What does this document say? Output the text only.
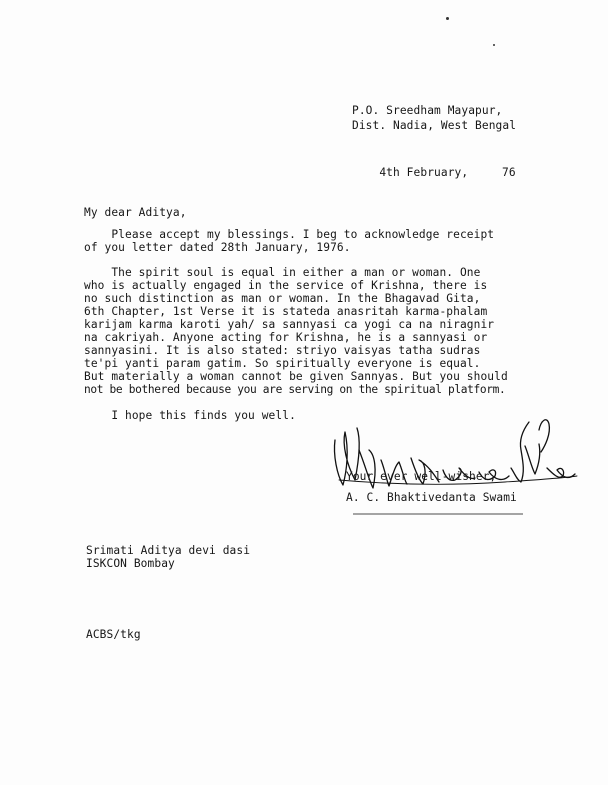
P.O. Sreedham Mayapur,
Dist. Nadia, West Bengal

4th February,	76

My dear Aditya,
Please accept my blessings. I beg to acknowledge receipt
of you letter dated 28th January, 1976.
The spirit soul is equal in either a man or woman. One
who is actually engaged in the service of Krishna, there is
no such distinction as man or woman. In the Bhagavad Gita,
6th Chapter, 1st Verse it is stateda anasritah karma-phalam
karijam karma karoti yah/ sa sannyasi ca yogi ca na niragnir
na cakriyah. Anyone acting for Krishna, he is a sannyasi or
sannyasini. It is also stated: striyo vaisyas tatha sudras
te'pi yanti param gatim. So spiritually everyone is equal.
But materially a woman cannot be given Sannyas. But you should
not be bothered because you are serving on the spiritual platform.
I hope this finds you well.
Your ever well-wisher,
A. C. Bhaktivedanta Swami
Srimati Aditya devi dasi
ISKCON Bombay
ACBS/tkg
